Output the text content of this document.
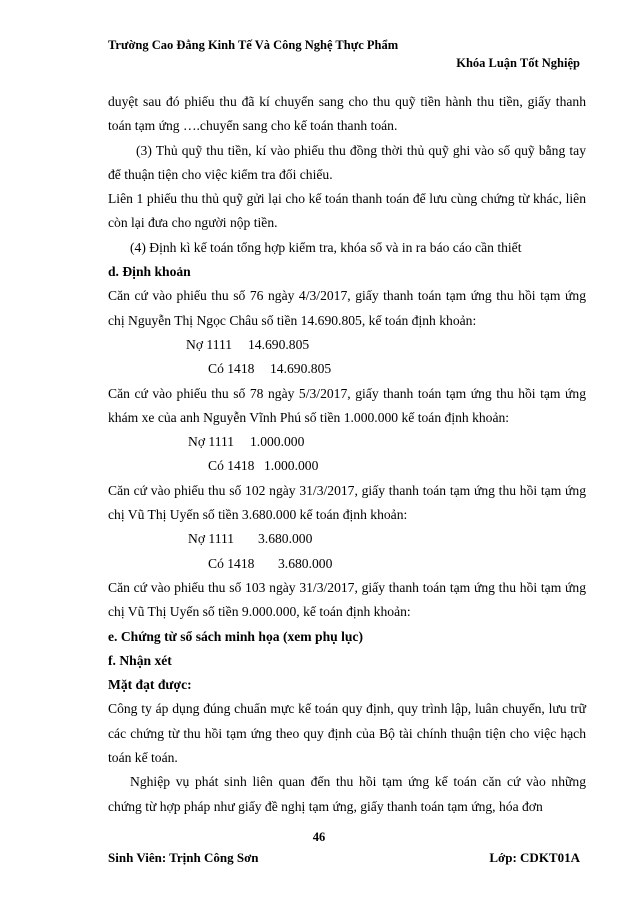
Trường Cao Đẳng Kinh Tế Và Công Nghệ Thực Phẩm
Khóa Luận Tốt Nghiệp

duyệt sau đó phiếu thu đã kí chuyển sang cho thu quỹ tiền hành thu tiền, giấy thanh toán tạm ứng ….chuyển sang cho kế toán thanh toán.

(3) Thủ quỹ thu tiền, kí vào phiếu thu đồng thời thủ quỹ ghi vào số quỹ bằng tay để thuận tiện cho việc kiểm tra đối chiếu.

Liên 1 phiếu thu thủ quỹ gửi lại cho kế toán thanh toán để lưu cùng chứng từ khác, liên còn lại đưa cho người nộp tiền.

(4) Định kì kế toán tổng hợp kiểm tra, khóa sổ và in ra báo cáo cần thiết

d. Định khoản

Căn cứ vào phiếu thu số 76 ngày 4/3/2017, giấy thanh toán tạm ứng thu hồi tạm ứng chị Nguyễn Thị Ngọc Châu số tiền 14.690.805, kế toán định khoản:

Nợ 1111 14.690.805
Có 1418 14.690.805

Căn cứ vào phiếu thu số 78 ngày 5/3/2017, giấy thanh toán tạm ứng thu hồi tạm ứng khám xe của anh Nguyễn Vĩnh Phú số tiền 1.000.000 kế toán định khoản:

Nợ 1111 1.000.000
Có 1418 1.000.000

Căn cứ vào phiếu thu số 102 ngày 31/3/2017, giấy thanh toán tạm ứng thu hồi tạm ứng chị Vũ Thị Uyến số tiền 3.680.000 kế toán định khoản:

Nợ 1111 3.680.000
Có 1418 3.680.000

Căn cứ vào phiếu thu số 103 ngày 31/3/2017, giấy thanh toán tạm ứng thu hồi tạm ứng chị Vũ Thị Uyến số tiền 9.000.000, kế toán định khoản:

e. Chứng từ sổ sách minh họa (xem phụ lục)

f. Nhận xét

Mặt đạt được:

Công ty áp dụng đúng chuẩn mực kế toán quy định, quy trình lập, luân chuyển, lưu trữ các chứng từ thu hồi tạm ứng theo quy định của Bộ tài chính thuận tiện cho việc hạch toán kế toán.

Nghiệp vụ phát sinh liên quan đến thu hồi tạm ứng kế toán căn cứ vào những chứng từ hợp pháp như giấy đề nghị tạm ứng, giấy thanh toán tạm ứng, hóa đơn

46
Sinh Viên: Trịnh Công Sơn	Lớp: CDKT01A
